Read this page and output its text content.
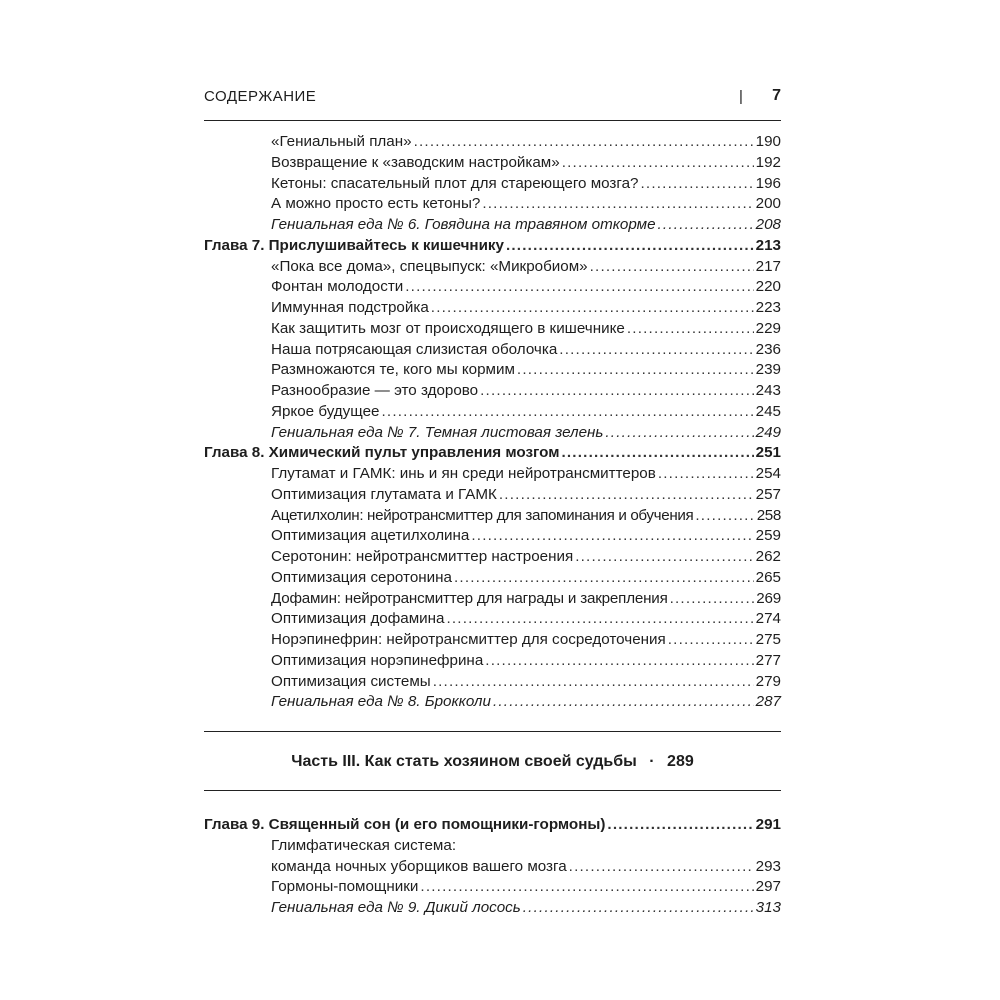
СОДЕРЖАНИЕ	| 7
«Гениальный план» .....	190
Возвращение к «заводским настройкам» .....	192
Кетоны: спасательный плот для стареющего мозга? .....	196
А можно просто есть кетоны? .....	200
Гениальная еда № 6. Говядина на травяном откорме .....	208
Глава 7. Прислушивайтесь к кишечнику .....	213
«Пока все дома», спецвыпуск: «Микробиом» .....	217
Фонтан молодости .....	220
Иммунная подстройка .....	223
Как защитить мозг от происходящего в кишечнике .....	229
Наша потрясающая слизистая оболочка .....	236
Размножаются те, кого мы кормим .....	239
Разнообразие — это здорово .....	243
Яркое будущее .....	245
Гениальная еда № 7. Темная листовая зелень .....	249
Глава 8. Химический пульт управления мозгом .....	251
Глутамат и ГАМК: инь и ян среди нейротрансмиттеров .....	254
Оптимизация глутамата и ГАМК .....	257
Ацетилхолин: нейротрансмиттер для запоминания и обучения .....	258
Оптимизация ацетилхолина .....	259
Серотонин: нейротрансмиттер настроения .....	262
Оптимизация серотонина .....	265
Дофамин: нейротрансмиттер для награды и закрепления .....	269
Оптимизация дофамина .....	274
Норэпинефрин: нейротрансмиттер для сосредоточения .....	275
Оптимизация норэпинефрина .....	277
Оптимизация системы .....	279
Гениальная еда № 8. Брокколи .....	287
Часть III. Как стать хозяином своей судьбы · 289
Глава 9. Священный сон (и его помощники-гормоны) .....	291
Глимфатическая система:
команда ночных уборщиков вашего мозга .....	293
Гормоны-помощники .....	297
Гениальная еда № 9. Дикий лосось .....	313
